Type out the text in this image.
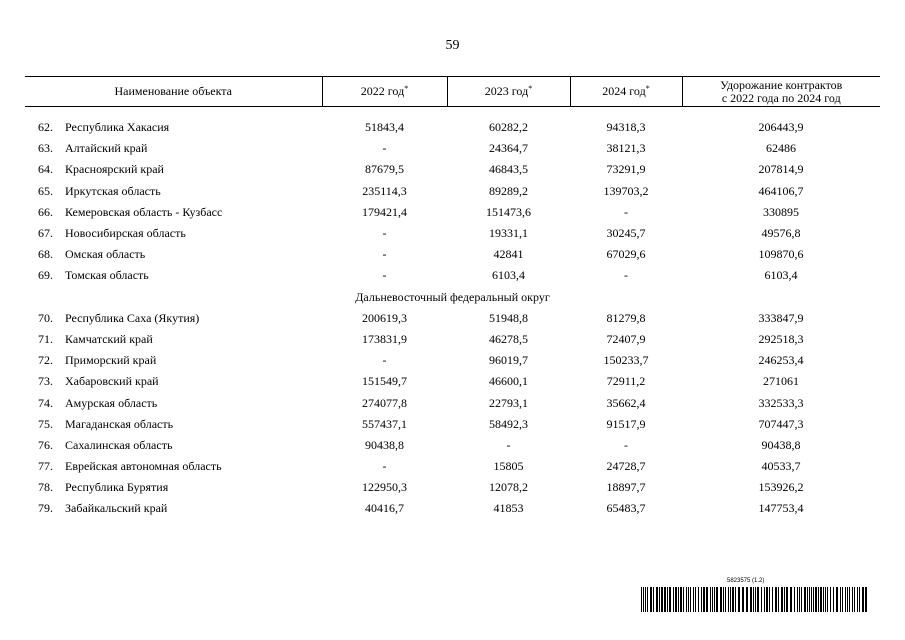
59
Наименование объекта	2022 год*	2023 год*	2024 год*	Удорожание контрактов
с 2022 года по 2024 год

62. Республика Хакасия	51843,4	60282,2	94318,3	206443,9
63. Алтайский край	-	24364,7	38121,3	62486
64. Красноярский край	87679,5	46843,5	73291,9	207814,9
65. Иркутская область	235114,3	89289,2	139703,2	464106,7
66. Кемеровская область - Кузбасс	179421,4	151473,6	-	330895
67. Новосибирская область	-	19331,1	30245,7	49576,8
68. Омская область	-	42841	67029,6	109870,6
69. Томская область	-	6103,4	-	6103,4
Дальневосточный федеральный округ				
70. Республика Саха (Якутия)	200619,3	51948,8	81279,8	333847,9
71. Камчатский край	173831,9	46278,5	72407,9	292518,3
72. Приморский край	-	96019,7	150233,7	246253,4
73. Хабаровский край	151549,7	46600,1	72911,2	271061
74. Амурская область	274077,8	22793,1	35662,4	332533,3
75. Магаданская область	557437,1	58492,3	91517,9	707447,3
76. Сахалинская область	90438,8	-	-	90438,8
77. Еврейская автономная область	-	15805	24728,7	40533,7
78. Республика Бурятия	122950,3	12078,2	18897,7	153926,2
79. Забайкальский край	40416,7	41853	65483,7	147753,4
5823575 (1.2)
